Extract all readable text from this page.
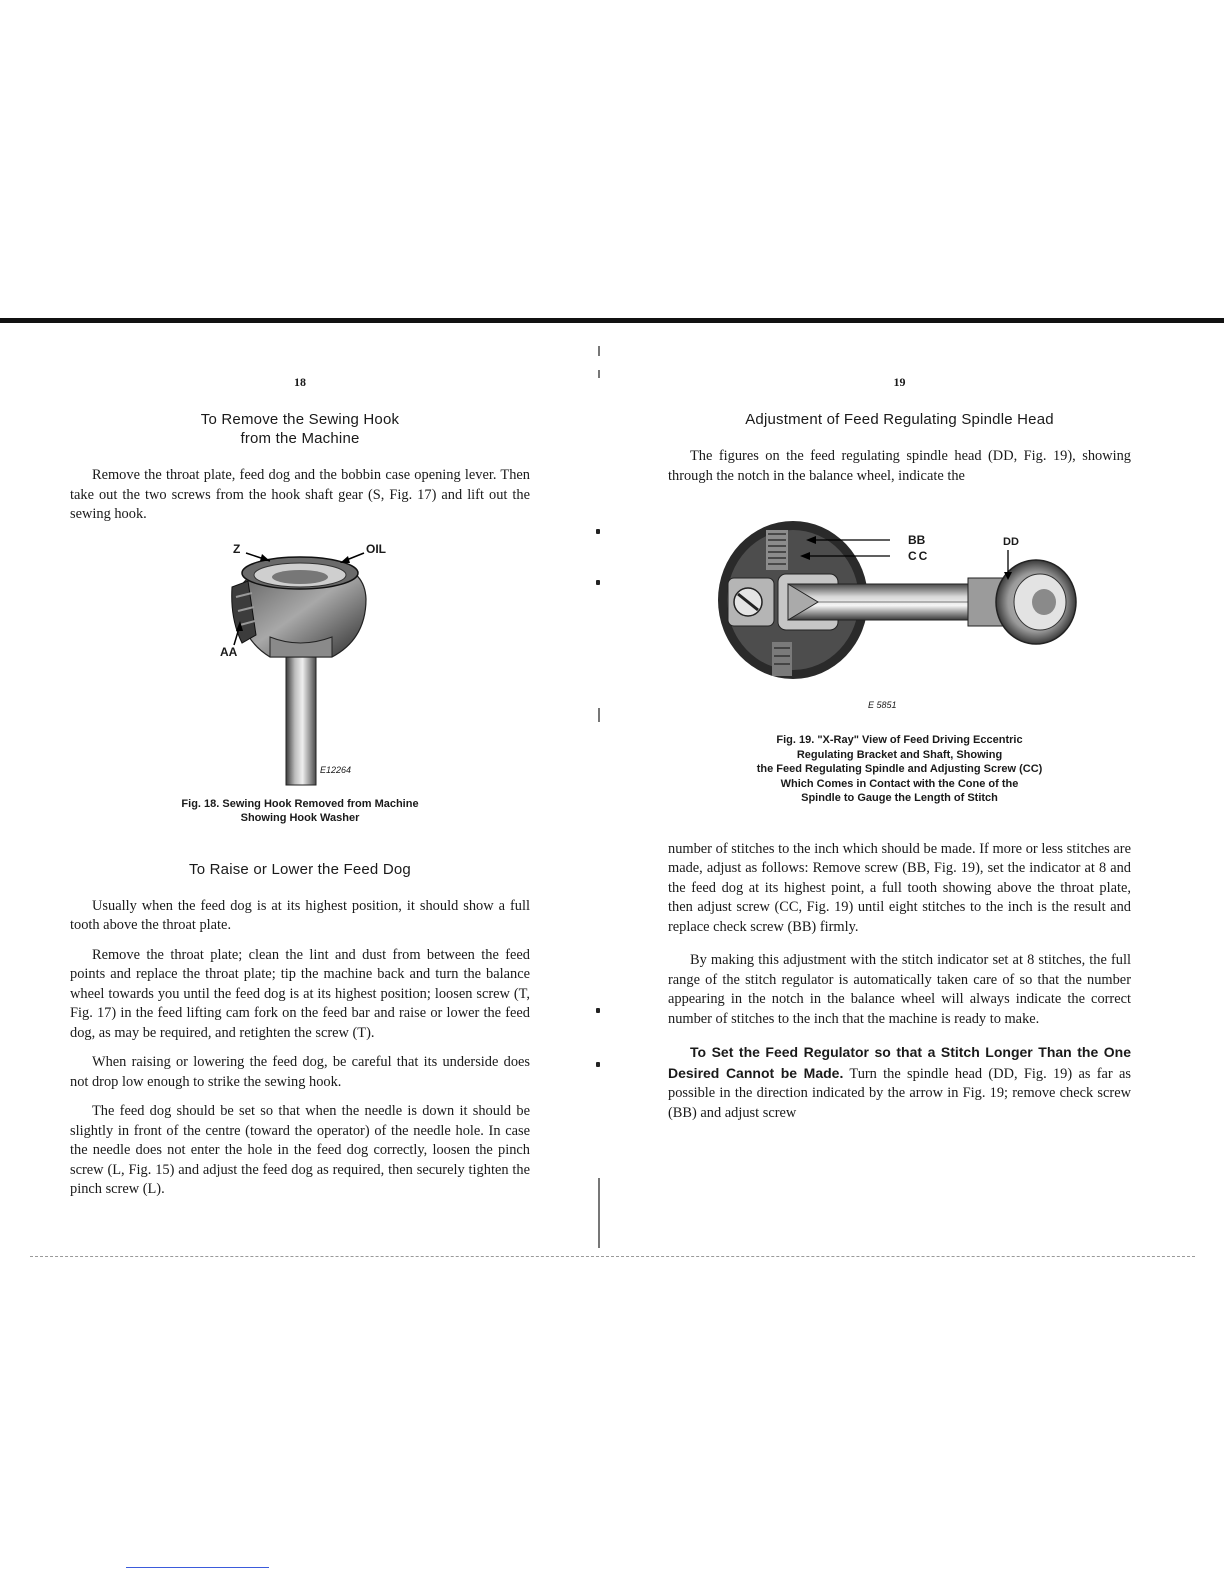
18
To Remove the Sewing Hook
from the Machine

Remove the throat plate, feed dog and the bobbin case opening lever. Then take out the two screws from the hook shaft gear (S, Fig. 17) and lift out the sewing hook.

Z	OIL
AA
E12264
Fig. 18. Sewing Hook Removed from Machine
Showing Hook Washer
To Raise or Lower the Feed Dog

Usually when the feed dog is at its highest position, it should show a full tooth above the throat plate.

Remove the throat plate; clean the lint and dust from between the feed points and replace the throat plate; tip the machine back and turn the balance wheel towards you until the feed dog is at its highest position; loosen screw (T, Fig. 17) in the feed lifting cam fork on the feed bar and raise or lower the feed dog, as may be required, and retighten the screw (T).

When raising or lowering the feed dog, be careful that its underside does not drop low enough to strike the sewing hook.

The feed dog should be set so that when the needle is down it should be slightly in front of the centre (toward the operator) of the needle hole. In case the needle does not enter the hole in the feed dog correctly, loosen the pinch screw (L, Fig. 15) and adjust the feed dog as required, then securely tighten the pinch screw (L).

19
Adjustment of Feed Regulating Spindle Head

The figures on the feed regulating spindle head (DD, Fig. 19), showing through the notch in the balance wheel, indicate the

BB
CC
DD
E 5851
Fig. 19. "X-Ray" View of Feed Driving Eccentric
Regulating Bracket and Shaft, Showing
the Feed Regulating Spindle and Adjusting Screw (CC)
Which Comes in Contact with the Cone of the
Spindle to Gauge the Length of Stitch

number of stitches to the inch which should be made. If more or less stitches are made, adjust as follows: Remove screw (BB, Fig. 19), set the indicator at 8 and the feed dog at its highest point, a full tooth showing above the throat plate, then adjust screw (CC, Fig. 19) until eight stitches to the inch is the result and replace check screw (BB) firmly.

By making this adjustment with the stitch indicator set at 8 stitches, the full range of the stitch regulator is automatically taken care of so that the number appearing in the notch in the balance wheel will always indicate the correct number of stitches to the inch that the machine is ready to make.

To Set the Feed Regulator so that a Stitch Longer Than the One Desired Cannot be Made. Turn the spindle head (DD, Fig. 19) as far as possible in the direction indicated by the arrow in Fig. 19; remove check screw (BB) and adjust screw
